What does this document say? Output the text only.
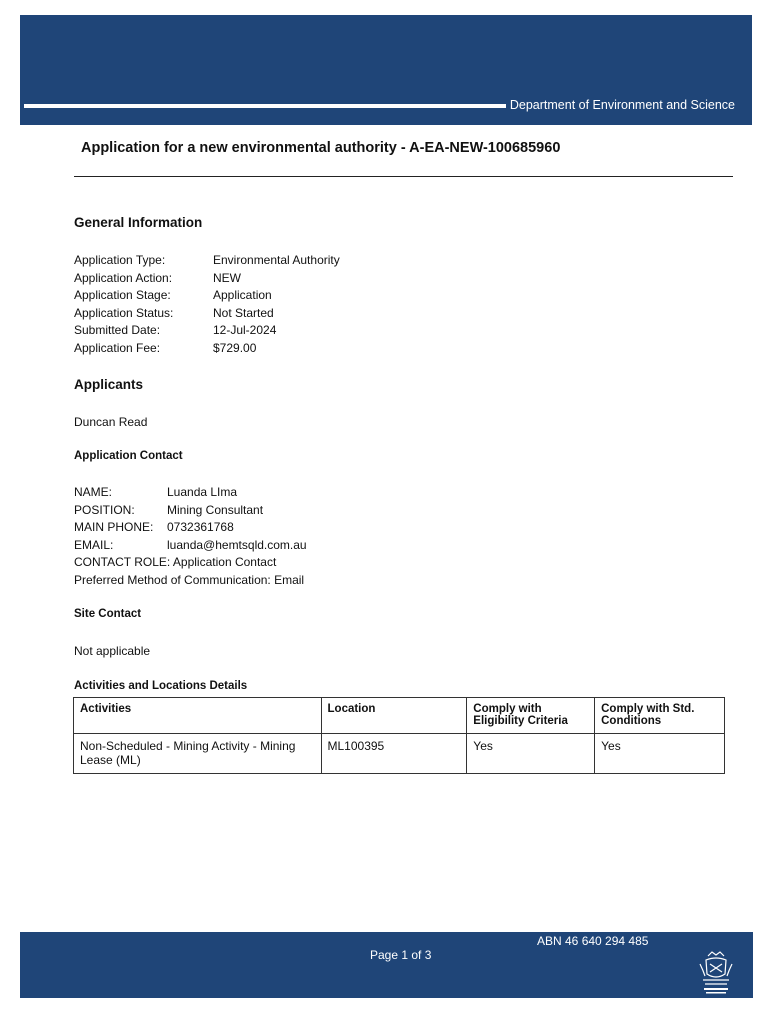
Department of Environment and Science
Application for a new environmental authority - A-EA-NEW-100685960
General Information
Application Type:	Environmental Authority
Application Action:	NEW
Application Stage:	Application
Application Status:	Not Started
Submitted Date:	12-Jul-2024
Application Fee:	$729.00
Applicants
Duncan Read
Application Contact
NAME:	Luanda LIma
POSITION:	Mining Consultant
MAIN PHONE:	0732361768
EMAIL:	luanda@hemtsqld.com.au
CONTACT ROLE: Application Contact
Preferred Method of Communication: Email
Site Contact
Not applicable
Activities and Locations Details
Activities	Location	Comply with Eligibility Criteria	Comply with Std. Conditions
Non-Scheduled - Mining Activity - Mining Lease (ML)	ML100395	Yes	Yes
ABN 46 640 294 485
Page 1 of 3
